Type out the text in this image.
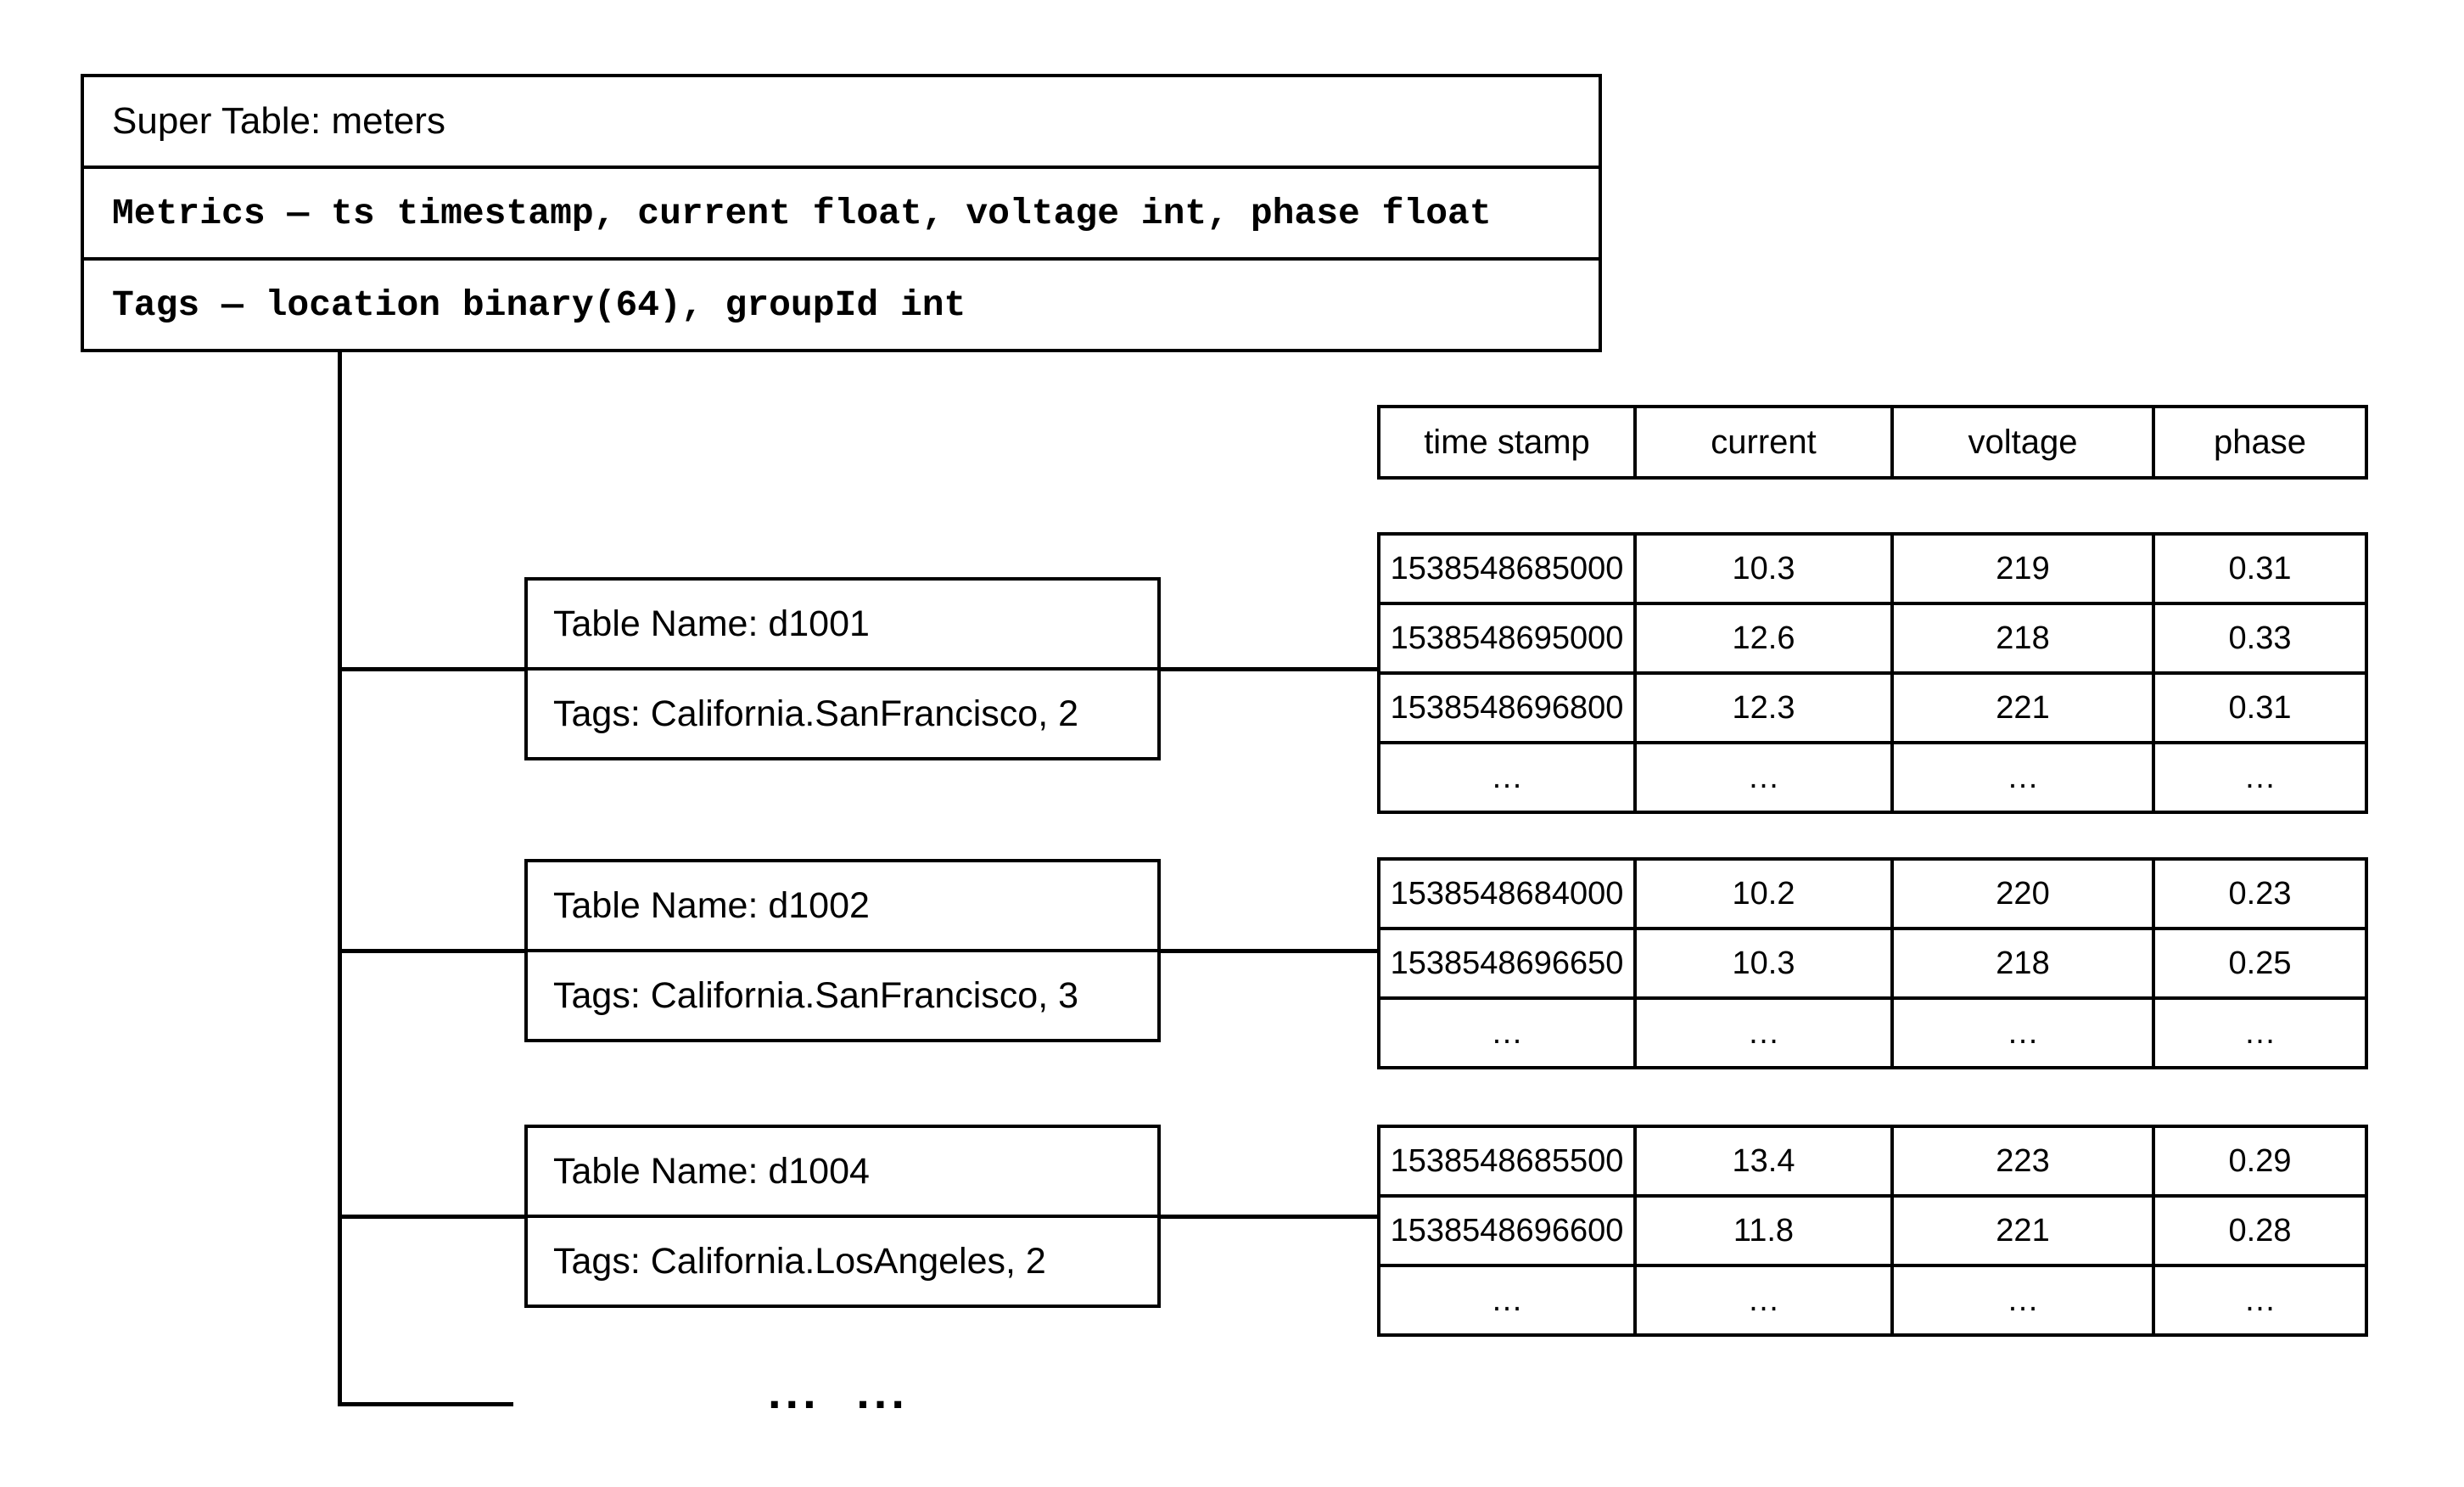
Super Table: meters
Metrics — ts timestamp, current float, voltage int, phase float
Tags — location binary(64), groupId int
Table Name: d1001
Tags: California.SanFrancisco, 2
Table Name: d1002
Tags: California.SanFrancisco, 3
Table Name: d1004
Tags: California.LosAngeles, 2
time stamp	current	voltage	phase
1538548685000	10.3	219	0.31
1538548695000	12.6	218	0.33
1538548696800	12.3	221	0.31
…	…	…	…
1538548684000	10.2	220	0.23
1538548696650	10.3	218	0.25
…	…	…	…
1538548685500	13.4	223	0.29
1538548696600	11.8	221	0.28
…	…	…	…
... ...
